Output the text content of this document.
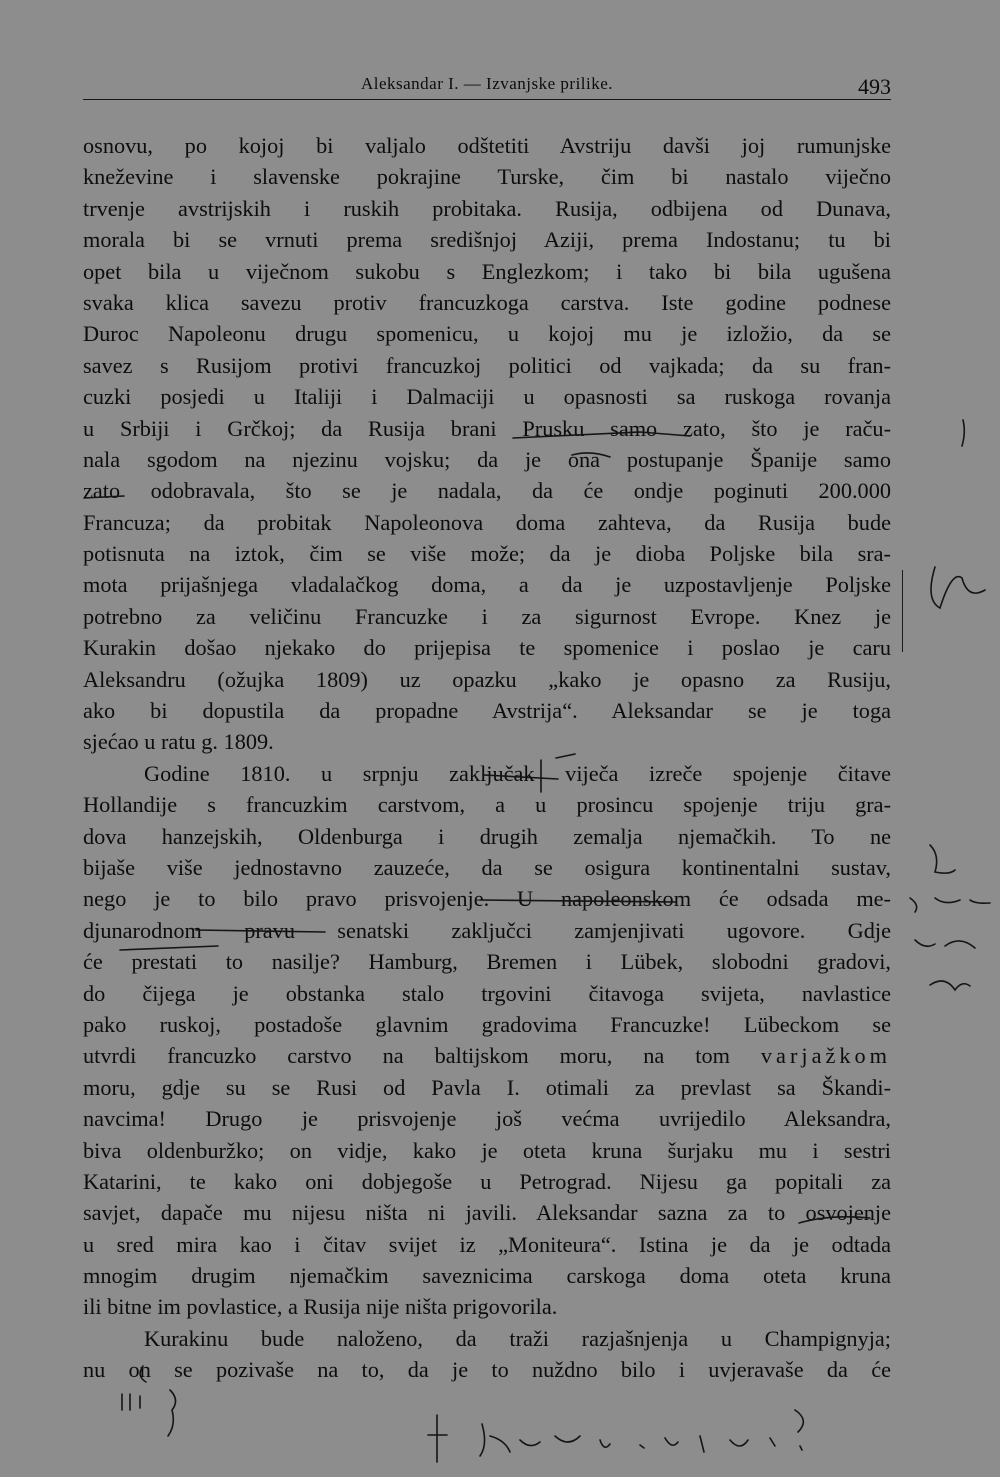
Aleksandar I. — Izvanjske prilike.	493
osnovu, po kojoj bi valjalo odštetiti Avstriju davši joj rumunjske
kneževine i slavenske pokrajine Turske, čim bi nastalo viječno
trvenje avstrijskih i ruskih probitaka. Rusija, odbijena od Dunava,
morala bi se vrnuti prema središnjoj Aziji, prema Indostanu; tu bi
opet bila u viječnom sukobu s Englezkom; i tako bi bila ugušena
svaka klica savezu protiv francuzkoga carstva. Iste godine podnese
Duroc Napoleonu drugu spomenicu, u kojoj mu je izložio, da se
savez s Rusijom protivi francuzkoj politici od vajkada; da su fran-
cuzki posjedi u Italiji i Dalmaciji u opasnosti sa ruskoga rovanja
u Srbiji i Grčkoj; da Rusija brani Prusku samo zato, što je raču-
nala sgodom na njezinu vojsku; da je ona postupanje Španije samo
zato odobravala, što se je nadala, da će ondje poginuti 200.000
Francuza; da probitak Napoleonova doma zahteva, da Rusija bude
potisnuta na iztok, čim se više može; da je dioba Poljske bila sra-
mota prijašnjega vladalačkog doma, a da je uzpostavljenje Poljske
potrebno za veličinu Francuzke i za sigurnost Evrope. Knez je
Kurakin došao njekako do prijepisa te spomenice i poslao je caru
Aleksandru (ožujka 1809) uz opazku „kako je opasno za Rusiju,
ako bi dopustila da propadne Avstrija“. Aleksandar se je toga
sjećao u ratu g. 1809.
Godine 1810. u srpnju zaključak viječa izreče spojenje čitave
Hollandije s francuzkim carstvom, a u prosincu spojenje triju gra-
dova hanzejskih, Oldenburga i drugih zemalja njemačkih. To ne
bijaše više jednostavno zauzeće, da se osigura kontinentalni sustav,
nego je to bilo pravo prisvojenje. U napoleonskom će odsada me-
djunarodnom pravu senatski zaključci zamjenjivati ugovore. Gdje
će prestati to nasilje? Hamburg, Bremen i Lübek, slobodni gradovi,
do čijega je obstanka stalo trgovini čitavoga svijeta, navlastice
pako ruskoj, postadoše glavnim gradovima Francuzke! Lübeckom se
utvrdi francuzko carstvo na baltijskom moru, na tom varjažkom
moru, gdje su se Rusi od Pavla I. otimali za prevlast sa Škandi-
navcima! Drugo je prisvojenje još većma uvrijedilo Aleksandra,
biva oldenburžko; on vidje, kako je oteta kruna šurjaku mu i sestri
Katarini, te kako oni dobjegoše u Petrograd. Nijesu ga popitali za
savjet, dapače mu nijesu ništa ni javili. Aleksandar sazna za to osvojenje
u sred mira kao i čitav svijet iz „Moniteura“. Istina je da je odtada
mnogim drugim njemačkim saveznicima carskoga doma oteta kruna
ili bitne im povlastice, a Rusija nije ništa prigovorila.
Kurakinu bude naloženo, da traži razjašnjenja u Champignyja;
nu on se pozivaše na to, da je to nuždno bilo i uvjeravaše da će
